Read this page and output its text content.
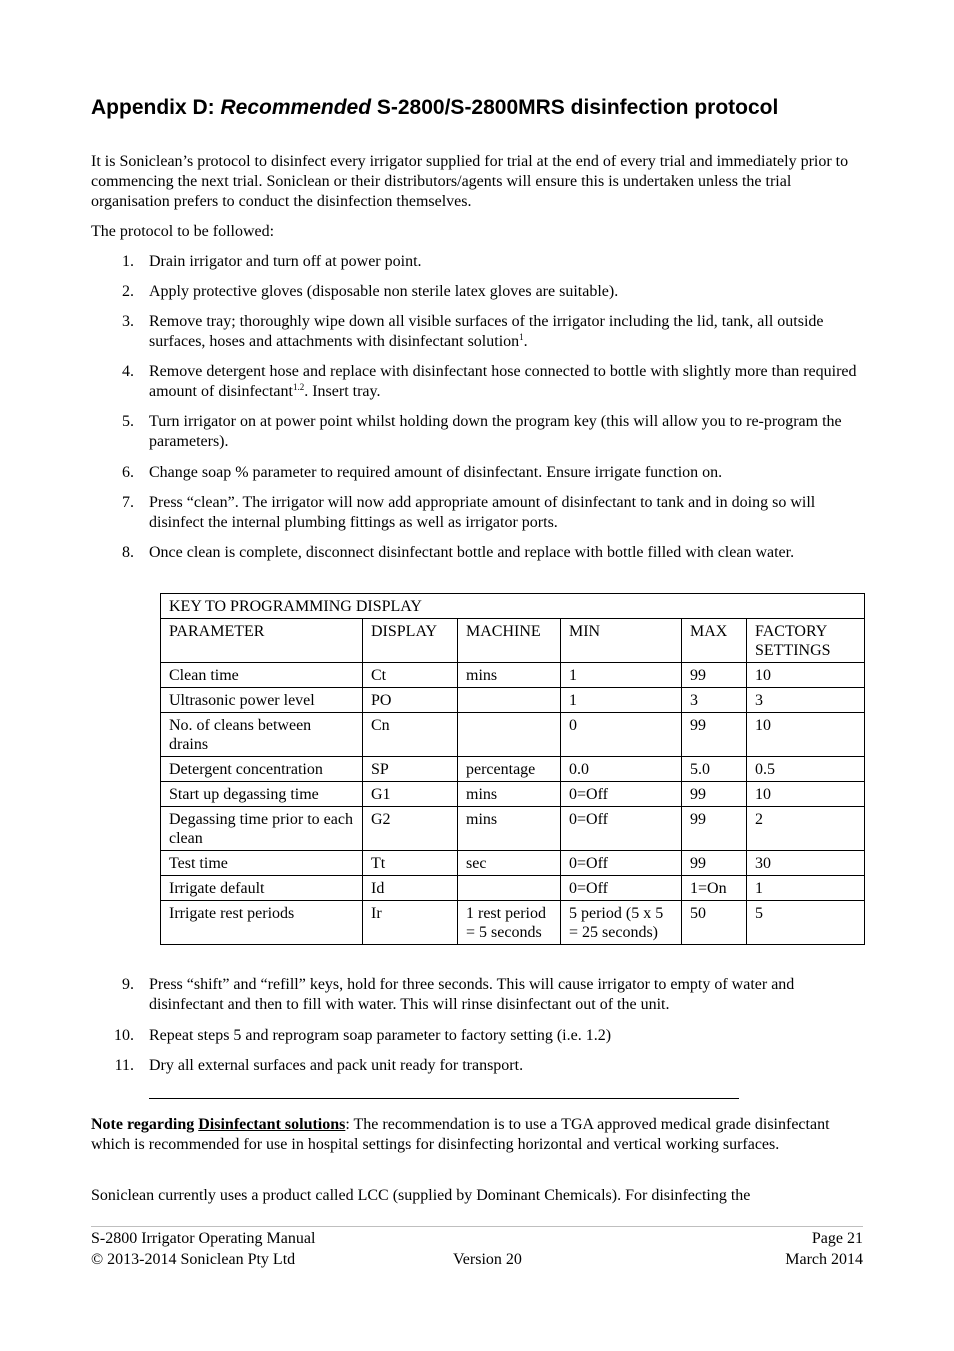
Appendix D: Recommended S-2800/S-2800MRS disinfection protocol
It is Soniclean’s protocol to disinfect every irrigator supplied for trial at the end of every trial and immediately prior to commencing the next trial. Soniclean or their distributors/agents will ensure this is undertaken unless the trial organisation prefers to conduct the disinfection themselves.
The protocol to be followed:
1. Drain irrigator and turn off at power point.
2. Apply protective gloves (disposable non sterile latex gloves are suitable).
3. Remove tray; thoroughly wipe down all visible surfaces of the irrigator including the lid, tank, all outside surfaces, hoses and attachments with disinfectant solution$^1$.
4. Remove detergent hose and replace with disinfectant hose connected to bottle with slightly more than required amount of disinfectant$^{1.2}$. Insert tray.
5. Turn irrigator on at power point whilst holding down the program key (this will allow you to re-program the parameters).
6. Change soap % parameter to required amount of disinfectant. Ensure irrigate function on.
7. Press “clean”. The irrigator will now add appropriate amount of disinfectant to tank and in doing so will disinfect the internal plumbing fittings as well as irrigator ports.
8. Once clean is complete, disconnect disinfectant bottle and replace with bottle filled with clean water.
KEY TO PROGRAMMING DISPLAY					
PARAMETER	DISPLAY	MACHINE	MIN	MAX	FACTORY SETTINGS
Clean time	Ct	mins	1	99	10
Ultrasonic power level	PO		1	3	3
No. of cleans between drains	Cn		0	99	10
Detergent concentration	SP	percentage	0.0	5.0	0.5
Start up degassing time	G1	mins	0=Off	99	10
Degassing time prior to each clean	G2	mins	0=Off	99	2
Test time	Tt	sec	0=Off	99	30
Irrigate default	Id		0=Off	1=On	1
Irrigate rest periods	Ir	1 rest period = 5 seconds	5 period (5 x 5 = 25 seconds)	50	5
9. Press “shift” and “refill” keys, hold for three seconds. This will cause irrigator to empty of water and disinfectant and then to fill with water. This will rinse disinfectant out of the unit.
10. Repeat steps 5 and reprogram soap parameter to factory setting (i.e. 1.2)
11. Dry all external surfaces and pack unit ready for transport.
Note regarding Disinfectant solutions: The recommendation is to use a TGA approved medical grade disinfectant which is recommended for use in hospital settings for disinfecting horizontal and vertical working surfaces.
Soniclean currently uses a product called LCC (supplied by Dominant Chemicals). For disinfecting the
S-2800 Irrigator Operating Manual
© 2013-2014 Soniclean Pty Ltd	Version 20
Page 21
March 2014
